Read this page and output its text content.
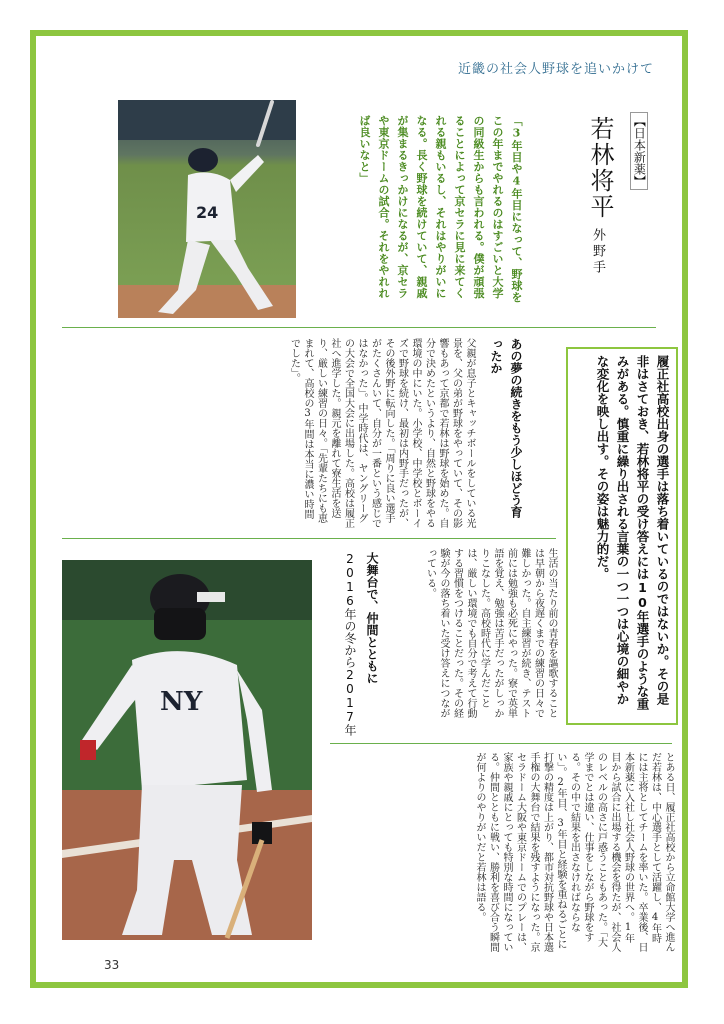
近畿の社会人野球を追いかけて
24
【日本新薬】
若林将平
外野手
「3年目や4年目になって、野球をこの年までやれるのはすごいと大学の同級生からも言われる。僕が頑張ることによって京セラに見に来てくれる親もいるし、それはやりがいになる。長く野球を続けていて、親戚が集まるきっかけになるが、京セラや東京ドームの試合。それをやれれば良いなと」
履正社高校出身の選手は落ち着いているのではないか。その是非はさておき、若林将平の受け答えには10年選手のような重みがある。慎重に繰り出される言葉の一つ一つは心境の細やかな変化を映し出す。その姿は魅力的だ。
あの夢の続きをもう少しほどう育ったか
父親が息子とキャッチボールをしている光景を、父の弟が野球をやっていて、その影響もあって京都で若林は野球を始めた。自分で決めたというより、自然と野球をやる環境の中にいた。小学校、中学校とボーイズで野球を続け、最初は内野手だったが、その後外野に転向した。「周りに良い選手がたくさんいて、自分が一番という感じではなかった」。中学時代は、ヤングリーグの大会で全国大会に出場した。高校は履正社へ進学した。親元を離れて寮生活を送り、厳しい練習の日々。「先輩たちにも恵まれて、高校の3年間は本当に濃い時間でした」。
NY	生活の当たり前の青春を謳歌することは早朝から夜遅くまでの練習の日々で難しかった。自主練習が続き、テスト前には勉強も必死にやった。寮で英単語を覚え、勉強は苦手だったがしっかりこなした。高校時代に学んだことは、厳しい環境でも自分で考えて行動する習慣をつけることだった。その経験が今の落ち着いた受け答えにつながっている。
大舞台で、仲間とともに
2016年の冬から2017年
とある日、履正社高校から立命館大学へ進んだ若林は、中心選手として活躍し、4年時には主将としてチームを率いた。卒業後、日本新薬に入社し社会人野球の世界へ。1年目から試合に出場する機会を得たが、社会人のレベルの高さに戸惑うこともあった。「大学までとは違い、仕事をしながら野球をする。その中で結果を出さなければならない」。2年目、3年目と経験を重ねるごとに打撃の精度は上がり、都市対抗野球や日本選手権の大舞台で結果を残すようになった。京セラドーム大阪や東京ドームでのプレーは、家族や親戚にとっても特別な時間になっている。仲間とともに戦い、勝利を喜び合う瞬間が何よりのやりがいだと若林は語る。
33
